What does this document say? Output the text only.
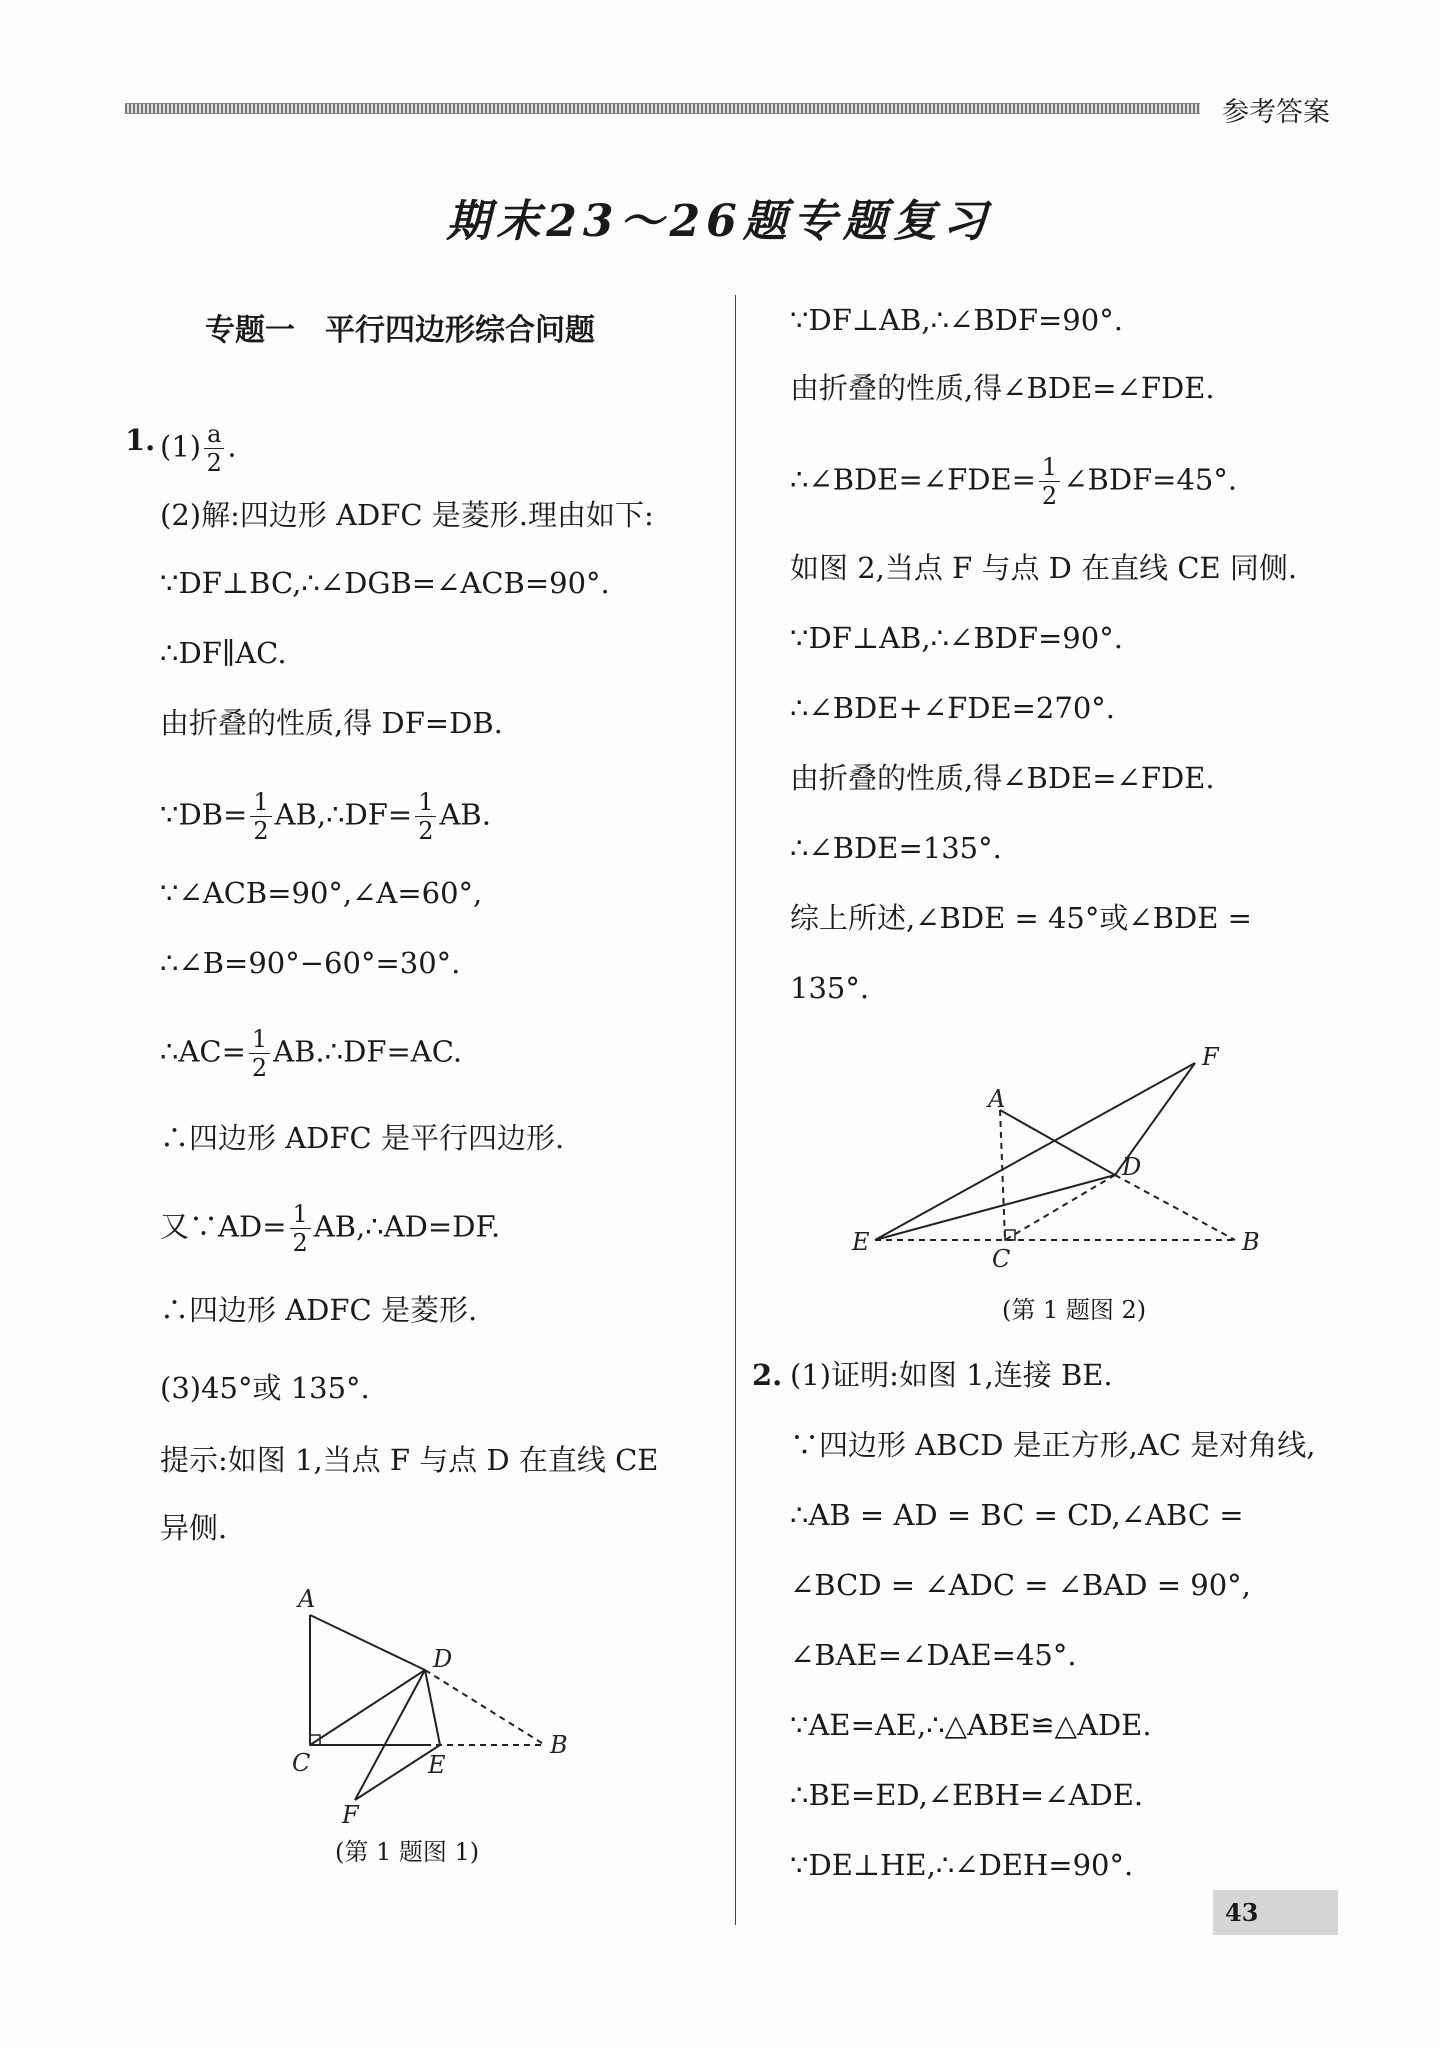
参考答案
期末23～26题专题复习
专题一　平行四边形综合问题
1. $(1) \frac{a}{2}$ .
(2)解:四边形 ADFC 是菱形.理由如下:
∵DF⊥BC,∴∠DGB=∠ACB=90°.
∴DF∥AC.
由折叠的性质,得 DF=DB.
∵DB= $\frac{1}{2}$ AB,∴DF= $\frac{1}{2}$ AB.
∵∠ACB=90°,∠A=60°,
∴∠B=90°−60°=30°.
∴AC= $\frac{1}{2}$ AB.∴DF=AC.
∴四边形 ADFC 是平行四边形.
又∵AD= $\frac{1}{2}$ AB,∴AD=DF.
∴四边形 ADFC 是菱形.
(3)45°或 135°.
提示:如图 1,当点 F 与点 D 在直线 CE
异侧.
A
D
C	E
B
F
(第 1 题图 1)
∵DF⊥AB,∴∠BDF=90°.
由折叠的性质,得∠BDE=∠FDE.
∴∠BDE=∠FDE= $\frac{1}{2}$ ∠BDF=45°.
如图 2,当点 F 与点 D 在直线 CE 同侧.
∵DF⊥AB,∴∠BDF=90°.
∴∠BDE+∠FDE=270°.
由折叠的性质,得∠BDE=∠FDE.
∴∠BDE=135°.
综上所述,∠BDE = 45°或∠BDE =
135°.
A
F
D
E
C
B
(第 1 题图 2)
2. (1)证明:如图 1,连接 BE.
∵四边形 ABCD 是正方形,AC 是对角线,
∴AB = AD = BC = CD,∠ABC =
∠BCD = ∠ADC = ∠BAD = 90°,
∠BAE=∠DAE=45°.
∵AE=AE,∴△ABE≌△ADE.
∴BE=ED,∠EBH=∠ADE.
∵DE⊥HE,∴∠DEH=90°.
43
